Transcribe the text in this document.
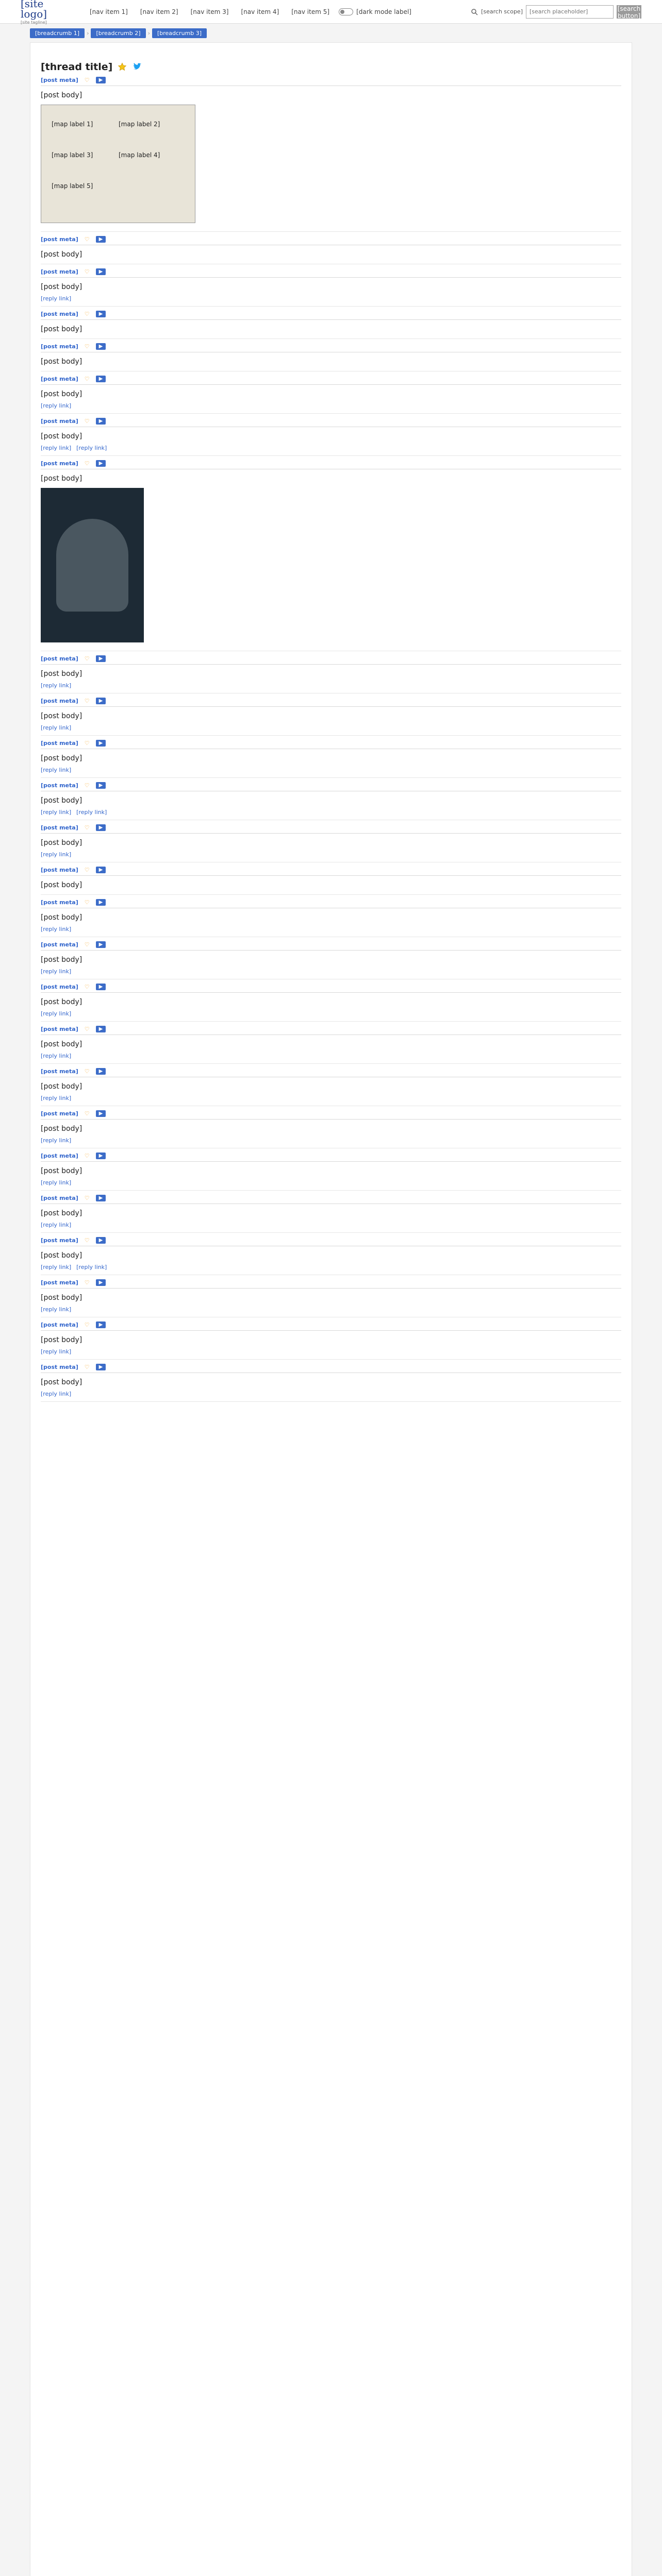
[site logo]
[site tagline]
[nav item 1] [nav item 2] [nav item 3] [nav item 4] [nav item 5]	[dark mode label]	[search scope]
[search placeholder]	[search button]
[breadcrumb 1]	›	[breadcrumb 2]	›	[breadcrumb 3]
[thread title]
[post meta] ♡	▶
[post body]
[map label 1]	[map label 2]
[map label 3]	[map label 4]
[map label 5]
[post meta] ♡	▶
[post body]
[post meta] ♡	▶
[post body]
[reply link]
[post meta] ♡	▶
[post body]
[post meta] ♡	▶
[post body]
[post meta] ♡	▶
[post body]
[reply link]
[post meta] ♡	▶
[post body]
[reply link] [reply link]
[post meta] ♡	▶
[post body]
[post meta] ♡	▶
[post body]
[reply link]
[post meta] ♡	▶
[post body]
[reply link]
[post meta] ♡	▶
[post body]
[reply link]
[post meta] ♡	▶
[post body]
[reply link] [reply link]
[post meta] ♡	▶
[post body]
[reply link]
[post meta] ♡	▶
[post body]
[post meta] ♡	▶
[post body]
[reply link]
[post meta] ♡	▶
[post body]
[reply link]
[post meta] ♡	▶
[post body]
[reply link]
[post meta] ♡	▶
[post body]
[reply link]
[post meta] ♡	▶
[post body]
[reply link]
[post meta] ♡	▶
[post body]
[reply link]
[post meta] ♡	▶
[post body]
[reply link]
[post meta] ♡	▶
[post body]
[reply link]
[post meta] ♡	▶
[post body]
[reply link] [reply link]
[post meta] ♡	▶
[post body]
[reply link]
[post meta] ♡	▶
[post body]
[reply link]
[post meta] ♡	▶
[post body]
[reply link]
